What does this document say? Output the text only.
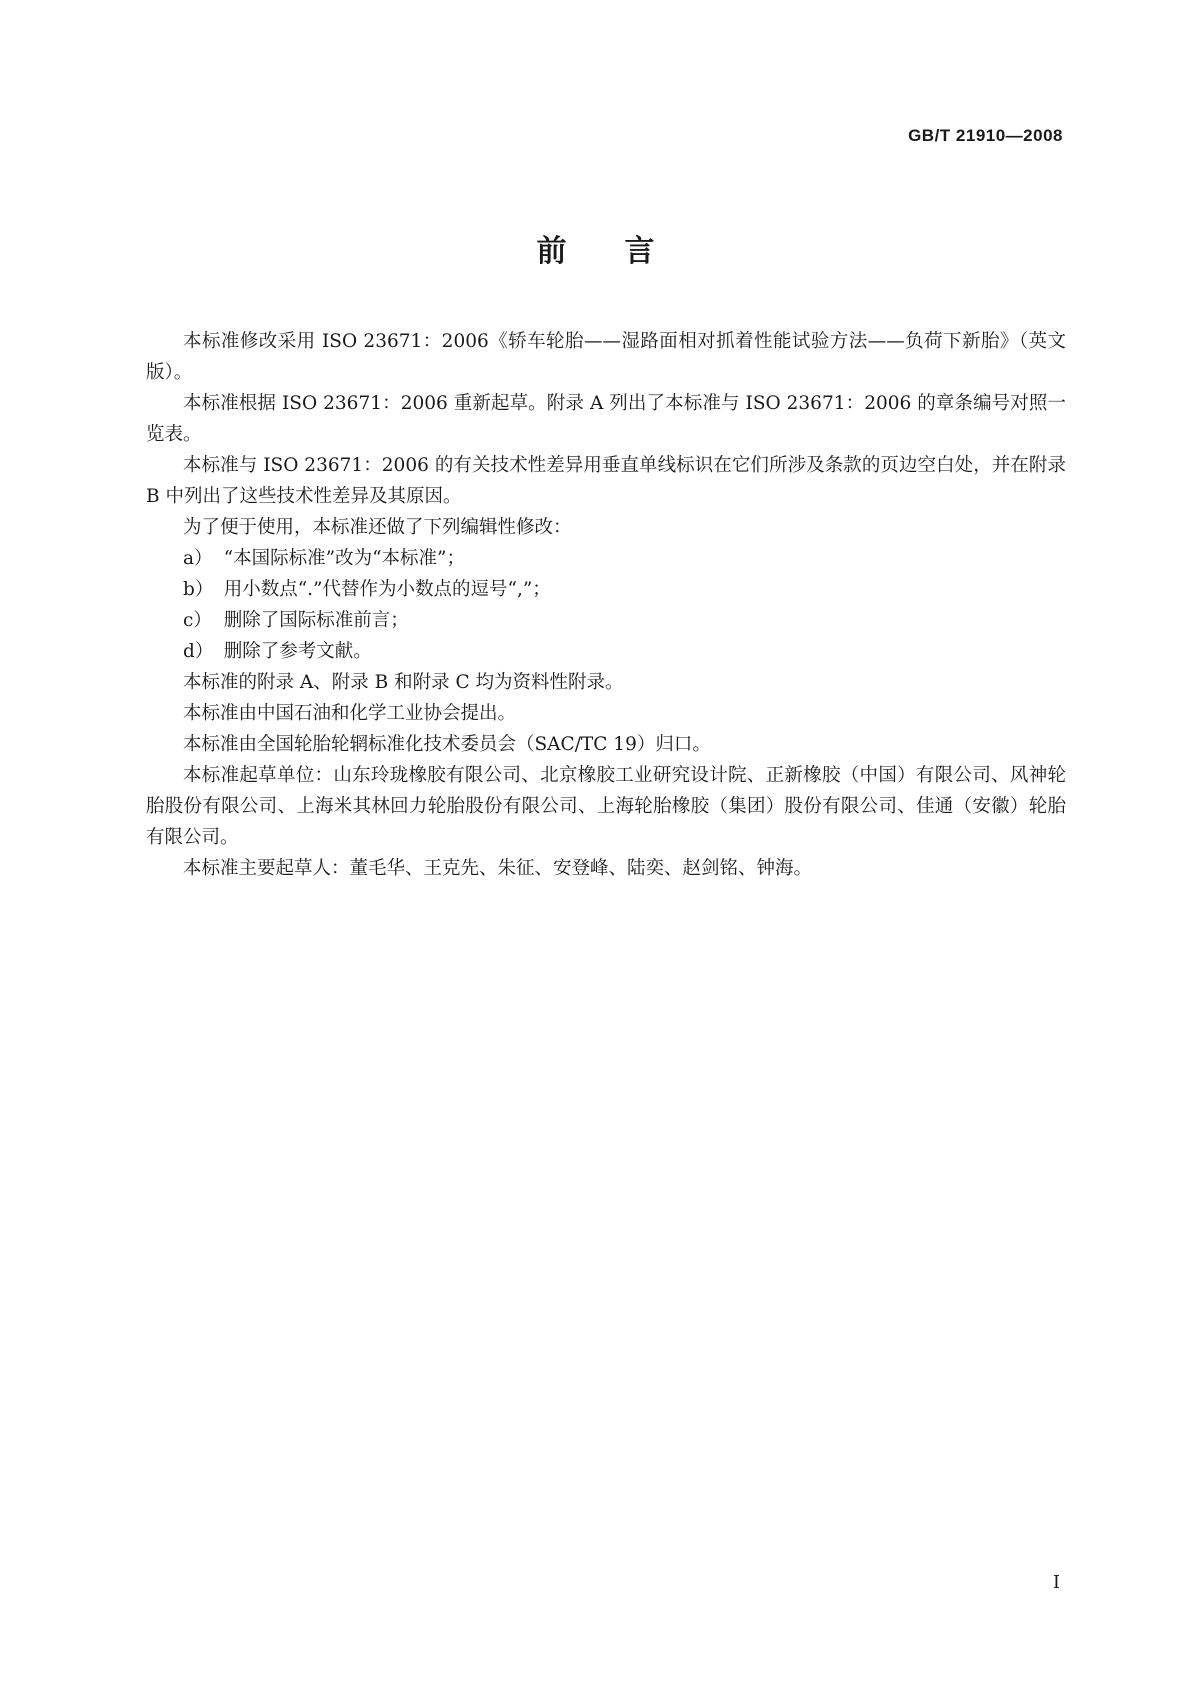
GB/T 21910—2008
前言

本标准修改采用 ISO 23671：2006《轿车轮胎——湿路面相对抓着性能试验方法——负荷下新胎》（英文版）。

本标准根据 ISO 23671：2006 重新起草。附录 A 列出了本标准与 ISO 23671：2006 的章条编号对照一览表。

本标准与 ISO 23671：2006 的有关技术性差异用垂直单线标识在它们所涉及条款的页边空白处，并在附录 B 中列出了这些技术性差异及其原因。

为了便于使用，本标准还做了下列编辑性修改：

a） “本国际标准”改为“本标准”；

b） 用小数点“.”代替作为小数点的逗号“,”；

c） 删除了国际标准前言；

d） 删除了参考文献。

本标准的附录 A、附录 B 和附录 C 均为资料性附录。

本标准由中国石油和化学工业协会提出。

本标准由全国轮胎轮辋标准化技术委员会（SAC/TC 19）归口。

本标准起草单位：山东玲珑橡胶有限公司、北京橡胶工业研究设计院、正新橡胶（中国）有限公司、风神轮胎股份有限公司、上海米其林回力轮胎股份有限公司、上海轮胎橡胶（集团）股份有限公司、佳通（安徽）轮胎有限公司。

本标准主要起草人：董毛华、王克先、朱征、安登峰、陆奕、赵剑铭、钟海。

I
